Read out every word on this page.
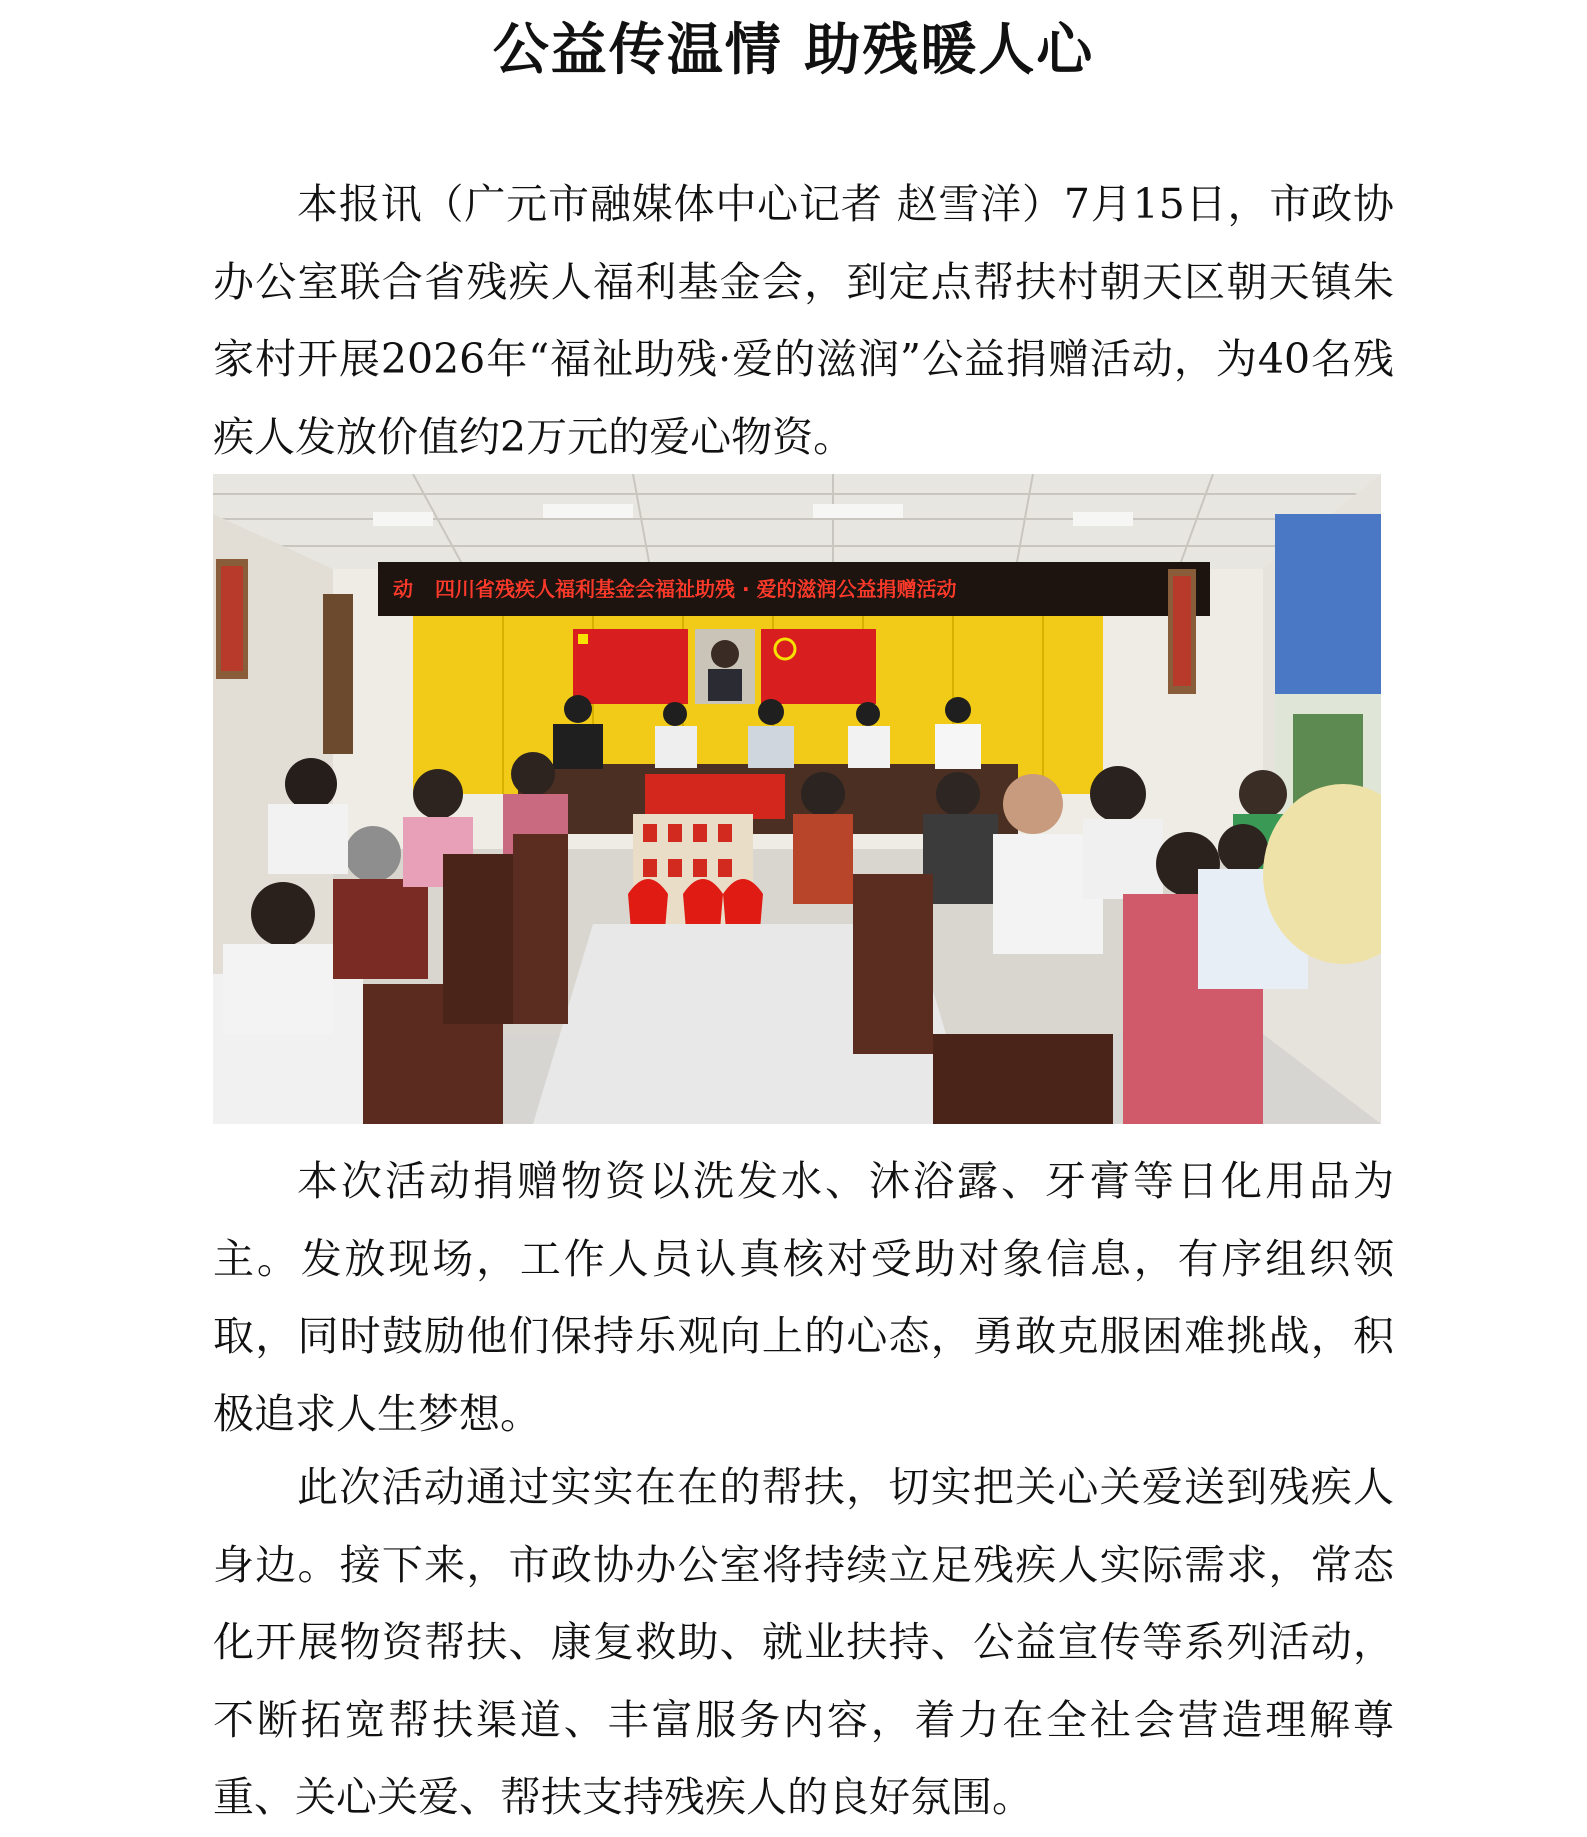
公益传温情 助残暖人心

本报讯（广元市融媒体中心记者 赵雪洋）7月15日，市政协办公室联合省残疾人福利基金会，到定点帮扶村朝天区朝天镇朱家村开展2026年“福祉助残·爱的滋润”公益捐赠活动，为40名残疾人发放价值约2万元的爱心物资。

动 四川省残疾人福利基金会福祉助残 · 爱的滋润公益捐赠活动

本次活动捐赠物资以洗发水、沐浴露、牙膏等日化用品为主。发放现场，工作人员认真核对受助对象信息，有序组织领取，同时鼓励他们保持乐观向上的心态，勇敢克服困难挑战，积极追求人生梦想。

此次活动通过实实在在的帮扶，切实把关心关爱送到残疾人身边。接下来，市政协办公室将持续立足残疾人实际需求，常态化开展物资帮扶、康复救助、就业扶持、公益宣传等系列活动，不断拓宽帮扶渠道、丰富服务内容，着力在全社会营造理解尊重、关心关爱、帮扶支持残疾人的良好氛围。
